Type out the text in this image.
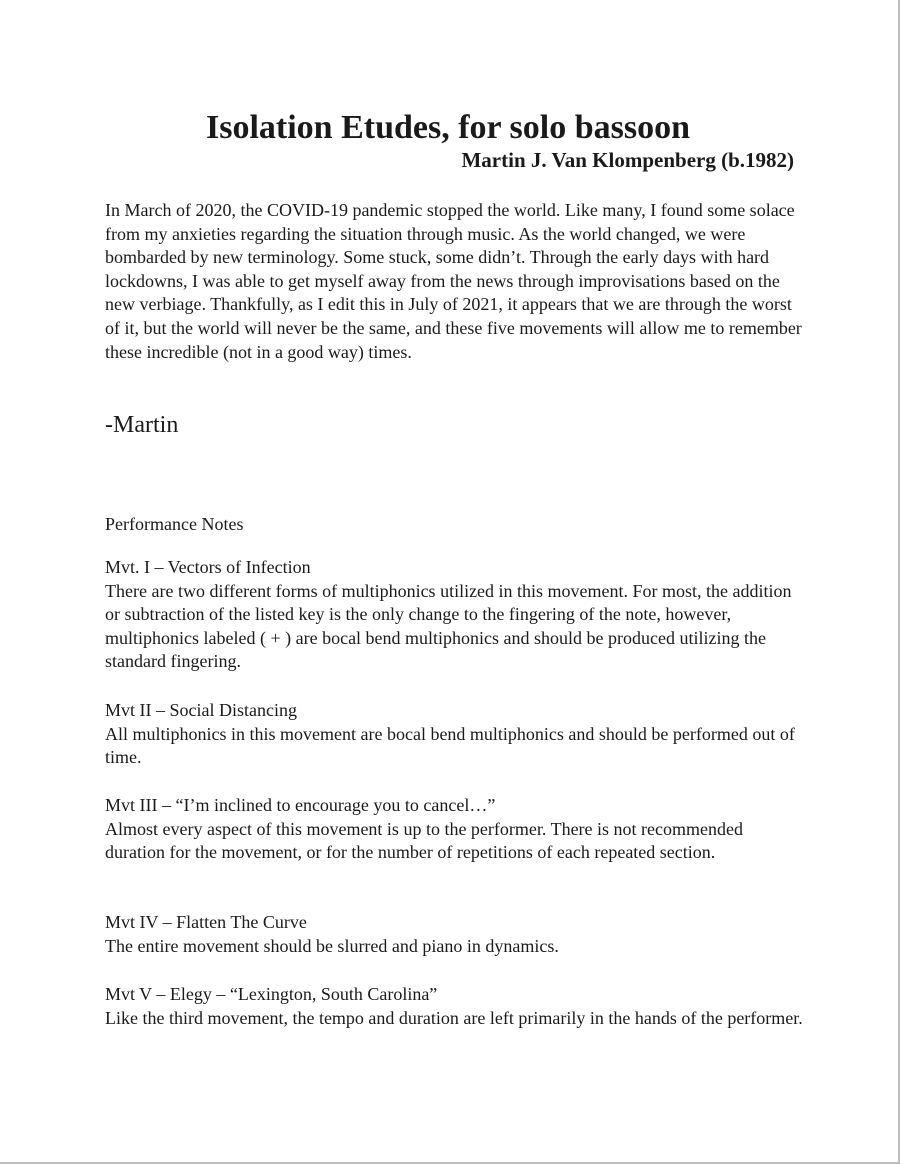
Isolation Etudes, for solo bassoon

Martin J. Van Klompenberg (b.1982)

In March of 2020, the COVID-19 pandemic stopped the world. Like many, I found some solace from my anxieties regarding the situation through music. As the world changed, we were bombarded by new terminology. Some stuck, some didn’t. Through the early days with hard lockdowns, I was able to get myself away from the news through improvisations based on the new verbiage. Thankfully, as I edit this in July of 2021, it appears that we are through the worst of it, but the world will never be the same, and these five movements will allow me to remember these incredible (not in a good way) times.

-Martin

Performance Notes

Mvt. I – Vectors of Infection
There are two different forms of multiphonics utilized in this movement. For most, the addition or subtraction of the listed key is the only change to the fingering of the note, however, multiphonics labeled ( + ) are bocal bend multiphonics and should be produced utilizing the standard fingering.
Mvt II – Social Distancing
All multiphonics in this movement are bocal bend multiphonics and should be performed out of time.
Mvt III – “I’m inclined to encourage you to cancel…”
Almost every aspect of this movement is up to the performer. There is not recommended duration for the movement, or for the number of repetitions of each repeated section.
Mvt IV – Flatten The Curve
The entire movement should be slurred and piano in dynamics.
Mvt V – Elegy – “Lexington, South Carolina”
Like the third movement, the tempo and duration are left primarily in the hands of the performer.
